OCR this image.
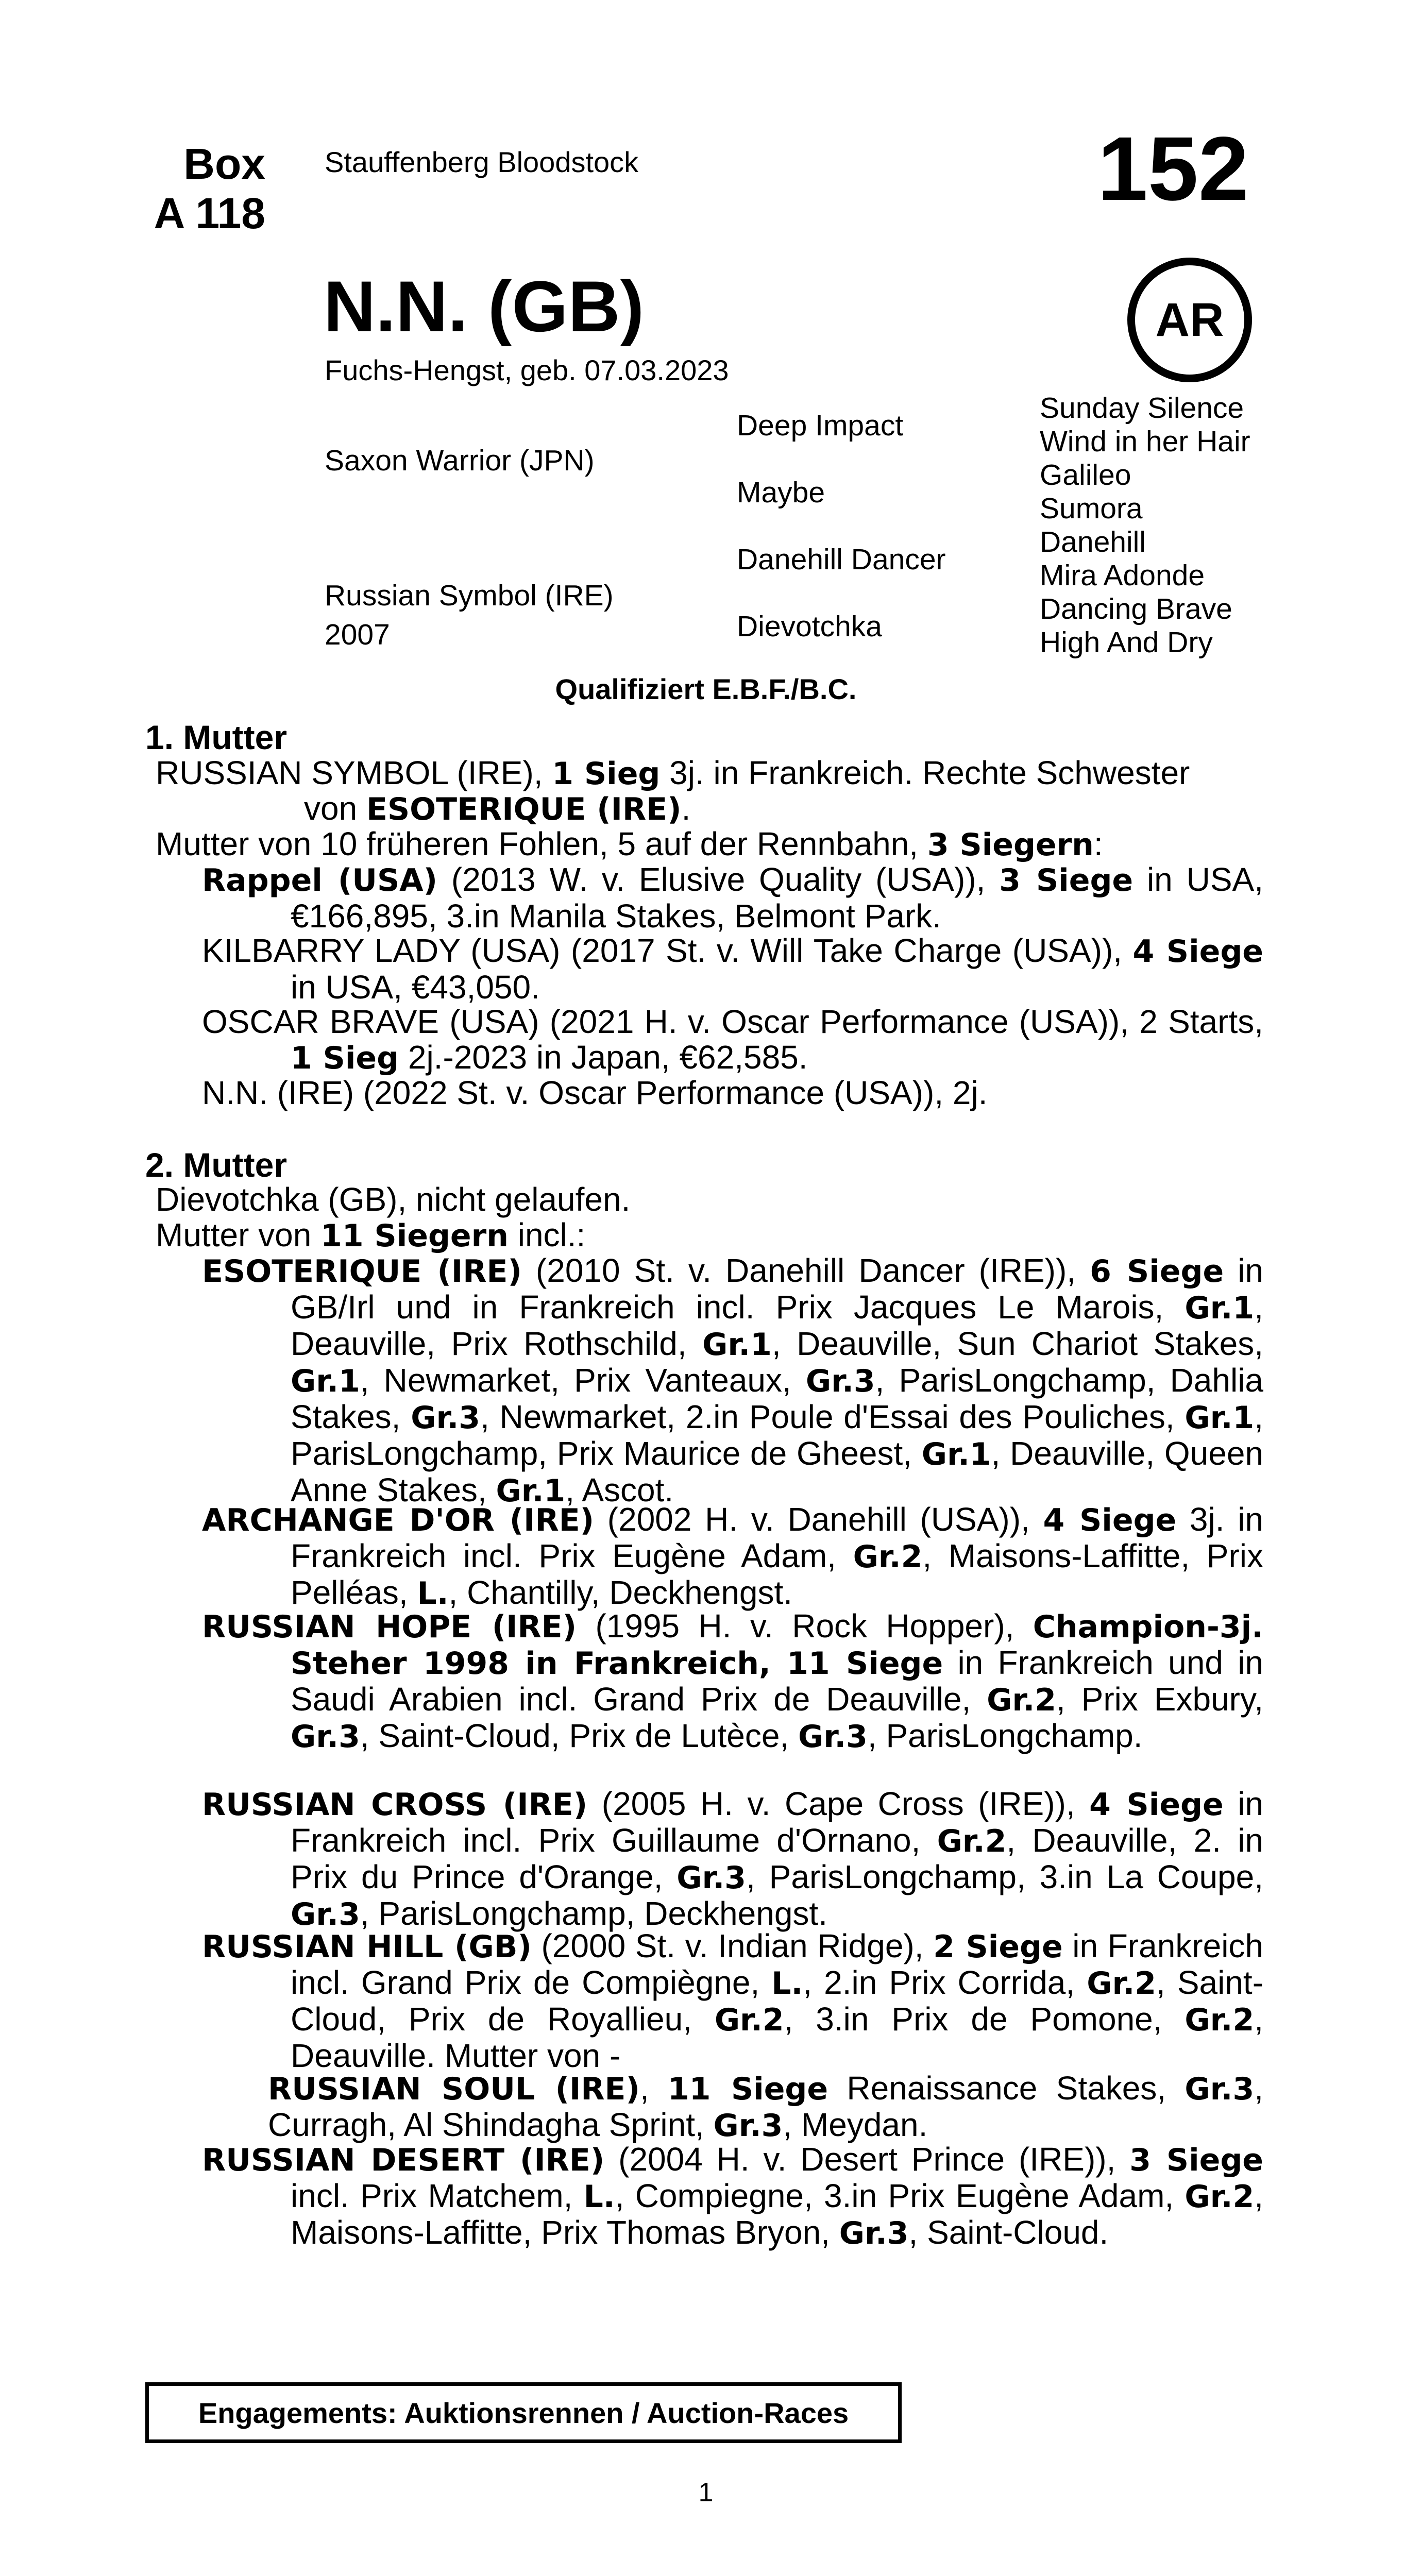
Box
A 118
Stauffenberg Bloodstock	152
AR
N.N. (GB)
Fuchs-Hengst, geb. 07.03.2023
Saxon Warrior (JPN)
Russian Symbol (IRE)
2007
Deep Impact
Maybe
Danehill Dancer
Dievotchka
Sunday Silence
Wind in her Hair
Galileo
Sumora
Danehill
Mira Adonde
Dancing Brave
High And Dry
Qualifiziert E.B.F./B.C.
1. Mutter
RUSSIAN SYMBOL (IRE), 1 Sieg 3j. in Frankreich. Rechte Schwester
von ESOTERIQUE (IRE).
Mutter von 10 früheren Fohlen, 5 auf der Rennbahn, 3 Siegern:
Rappel (USA) (2013 W. v. Elusive Quality (USA)), 3 Siege in USA, €166,895, 3.in Manila Stakes, Belmont Park.
KILBARRY LADY (USA) (2017 St. v. Will Take Charge (USA)), 4 Siege in USA, €43,050.
OSCAR BRAVE (USA) (2021 H. v. Oscar Performance (USA)), 2 Starts, 1 Sieg 2j.-2023 in Japan, €62,585.
N.N. (IRE) (2022 St. v. Oscar Performance (USA)), 2j.
2. Mutter
Dievotchka (GB), nicht gelaufen.
Mutter von 11 Siegern incl.:
ESOTERIQUE (IRE) (2010 St. v. Danehill Dancer (IRE)), 6 Siege in GB/Irl und in Frankreich incl. Prix Jacques Le Marois, Gr.1, Deauville, Prix Rothschild, Gr.1, Deauville, Sun Chariot Stakes, Gr.1, Newmarket, Prix Vanteaux, Gr.3, ParisLongchamp, Dahlia Stakes, Gr.3, Newmarket, 2.in Poule d'Essai des Pouliches, Gr.1, ParisLongchamp, Prix Maurice de Gheest, Gr.1, Deauville, Queen Anne Stakes, Gr.1, Ascot.
ARCHANGE D'OR (IRE) (2002 H. v. Danehill (USA)), 4 Siege 3j. in Frankreich incl. Prix Eugène Adam, Gr.2, Maisons-Laffitte, Prix Pelléas, L., Chantilly, Deckhengst.
RUSSIAN HOPE (IRE) (1995 H. v. Rock Hopper), Champion-3j. Steher 1998 in Frankreich, 11 Siege in Frankreich und in Saudi Arabien incl. Grand Prix de Deauville, Gr.2, Prix Exbury, Gr.3, Saint-Cloud, Prix de Lutèce, Gr.3, ParisLongchamp.
RUSSIAN CROSS (IRE) (2005 H. v. Cape Cross (IRE)), 4 Siege in Frankreich incl. Prix Guillaume d'Ornano, Gr.2, Deauville, 2. in Prix du Prince d'Orange, Gr.3, ParisLongchamp, 3.in La Coupe, Gr.3, ParisLongchamp, Deckhengst.
RUSSIAN HILL (GB) (2000 St. v. Indian Ridge), 2 Siege in Frankreich incl. Grand Prix de Compiègne, L., 2.in Prix Corrida, Gr.2, Saint-Cloud, Prix de Royallieu, Gr.2, 3.in Prix de Pomone, Gr.2, Deauville. Mutter von -
RUSSIAN SOUL (IRE), 11 Siege Renaissance Stakes, Gr.3, Curragh, Al Shindagha Sprint, Gr.3, Meydan.
RUSSIAN DESERT (IRE) (2004 H. v. Desert Prince (IRE)), 3 Siege incl. Prix Matchem, L., Compiegne, 3.in Prix Eugène Adam, Gr.2, Maisons-Laffitte, Prix Thomas Bryon, Gr.3, Saint-Cloud.
Engagements: Auktionsrennen / Auction-Races
1
